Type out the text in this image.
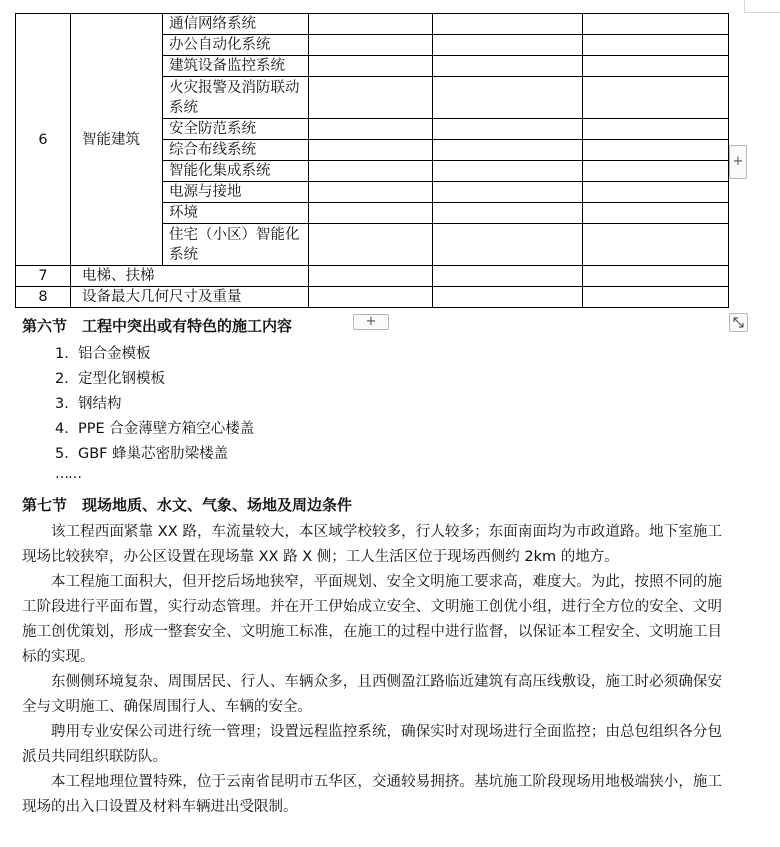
6	智能建筑	通信网络系统			
		办公自动化系统			
		建筑设备监控系统			
		火灾报警及消防联动系统			
		安全防范系统			
		综合布线系统			
		智能化集成系统			
		电源与接地			
		环境			
		住宅（小区）智能化系统			
7	电梯、扶梯				
8	设备最大几何尺寸及重量				
+
+
第六节　工程中突出或有特色的施工内容
1. 铝合金模板
2. 定型化钢模板
3. 钢结构
4. PPE 合金薄壁方箱空心楼盖
5. GBF 蜂巢芯密肋梁楼盖
……
第七节　现场地质、水文、气象、场地及周边条件

该工程西面紧靠 XX 路，车流量较大，本区域学校较多，行人较多；东面南面均为市政道路。地下室施工现场比较狭窄，办公区设置在现场靠 XX 路 X 侧；工人生活区位于现场西侧约 2km 的地方。

本工程施工面积大，但开挖后场地狭窄，平面规划、安全文明施工要求高，难度大。为此，按照不同的施工阶段进行平面布置，实行动态管理。并在开工伊始成立安全、文明施工创优小组，进行全方位的安全、文明施工创优策划，形成一整套安全、文明施工标准，在施工的过程中进行监督，以保证本工程安全、文明施工目标的实现。

东侧侧环境复杂、周围居民、行人、车辆众多，且西侧盈江路临近建筑有高压线敷设，施工时必须确保安全与文明施工、确保周围行人、车辆的安全。

聘用专业安保公司进行统一管理；设置远程监控系统，确保实时对现场进行全面监控；由总包组织各分包派员共同组织联防队。

本工程地理位置特殊，位于云南省昆明市五华区，交通较易拥挤。基坑施工阶段现场用地极端狭小，施工现场的出入口设置及材料车辆进出受限制。
